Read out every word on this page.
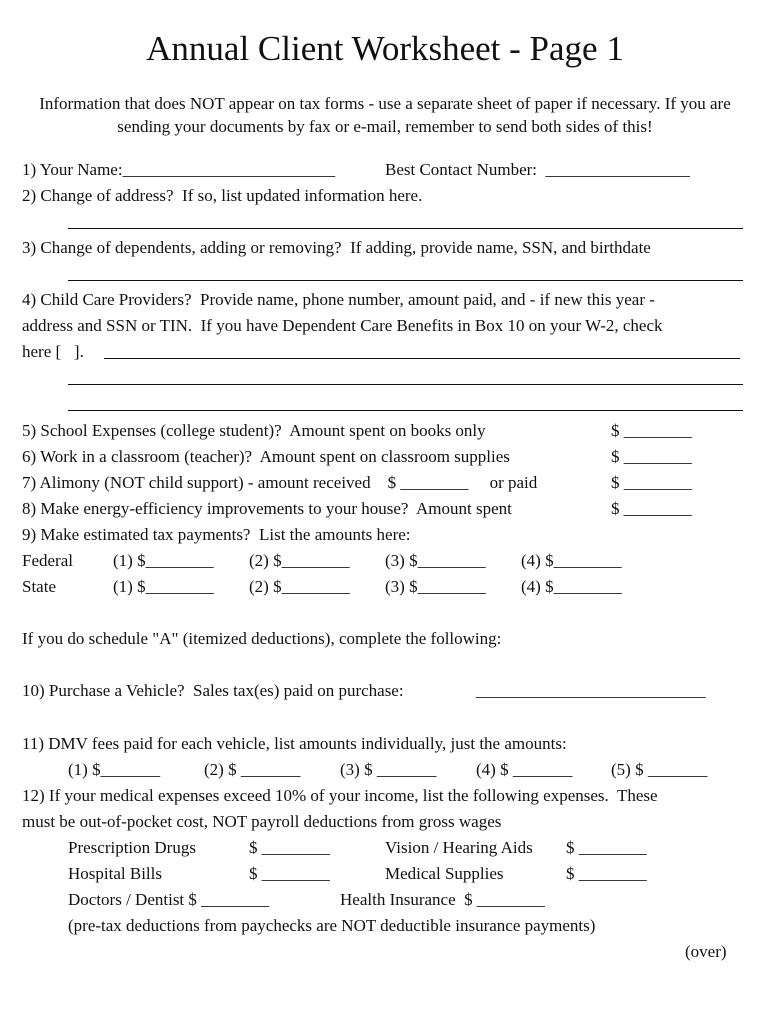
Annual Client Worksheet - Page 1
Information that does NOT appear on tax forms - use a separate sheet of paper if necessary. If you are sending your documents by fax or e-mail, remember to send both sides of this!
1) Your Name:_________________________	Best Contact Number:  _________________
2) Change of address?  If so, list updated information here.
3) Change of dependents, adding or removing?  If adding, provide name, SSN, and birthdate
4) Child Care Providers?  Provide name, phone number, amount paid, and - if new this year -
address and SSN or TIN.  If you have Dependent Care Benefits in Box 10 on your W-2, check
here [   ].
5) School Expenses (college student)?  Amount spent on books only	$ ________
6) Work in a classroom (teacher)?  Amount spent on classroom supplies	$ ________
7) Alimony (NOT child support) - amount received    $ ________     or paid	$ ________
8) Make energy-efficiency improvements to your house?  Amount spent	$ ________
9) Make estimated tax payments?  List the amounts here:
Federal (1) $________ (2) $________ (3) $________ (4) $________
State	(1) $________ (2) $________ (3) $________ (4) $________
If you do schedule "A" (itemized deductions), complete the following:
10) Purchase a Vehicle?  Sales tax(es) paid on purchase:	___________________________
11) DMV fees paid for each vehicle, list amounts individually, just the amounts:
(1) $_______	(2) $ _______ (3) $ _______ (4) $ _______ (5) $ _______
12) If your medical expenses exceed 10% of your income, list the following expenses.  These
must be out-of-pocket cost, NOT payroll deductions from gross wages
Prescription Drugs	$ ________	Vision / Hearing Aids $ ________
Hospital Bills	$ ________	Medical Supplies	$ ________
Doctors / Dentist $ ________	Health Insurance  $ ________
(pre-tax deductions from paychecks are NOT deductible insurance payments)
(over)
